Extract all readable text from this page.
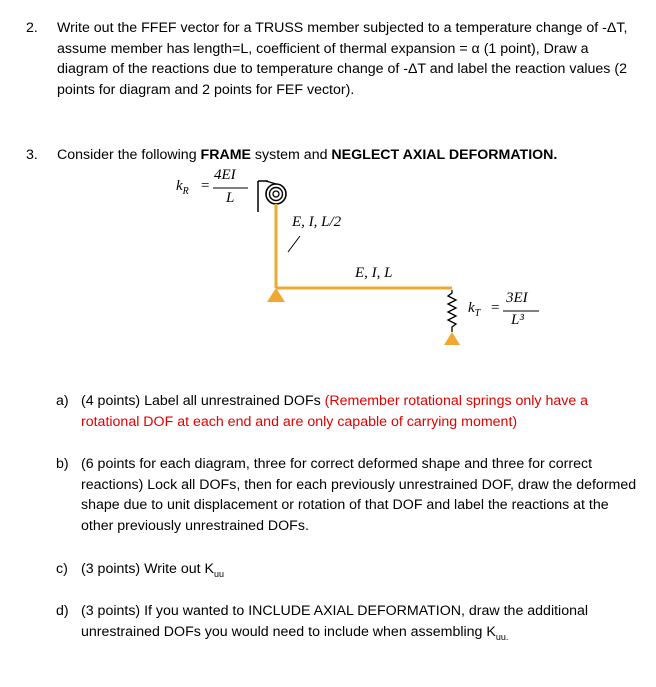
2. Write out the FFEF vector for a TRUSS member subjected to a temperature change of -ΔT,

assume member has length=L, coefficient of thermal expansion = α (1 point), Draw a

diagram of the reactions due to temperature change of -ΔT and label the reaction values (2

points for diagram and 2 points for FEF vector).

3. Consider the following FRAME system and NEGLECT AXIAL DEFORMATION.

$k_R$ =
4EI
L
E, I, L/2
E, I, L
$k_T$ =
3EI
L³
a) (4 points) Label all unrestrained DOFs (Remember rotational springs only have a

rotational DOF at each end and are only capable of carrying moment)

b) (6 points for each diagram, three for correct deformed shape and three for correct

reactions) Lock all DOFs, then for each previously unrestrained DOF, draw the deformed

shape due to unit displacement or rotation of that DOF and label the reactions at the

other previously unrestrained DOFs.

c) (3 points) Write out $K_{uu}$

d) (3 points) If you wanted to INCLUDE AXIAL DEFORMATION, draw the additional

unrestrained DOFs you would need to include when assembling $K_{uu.}$
